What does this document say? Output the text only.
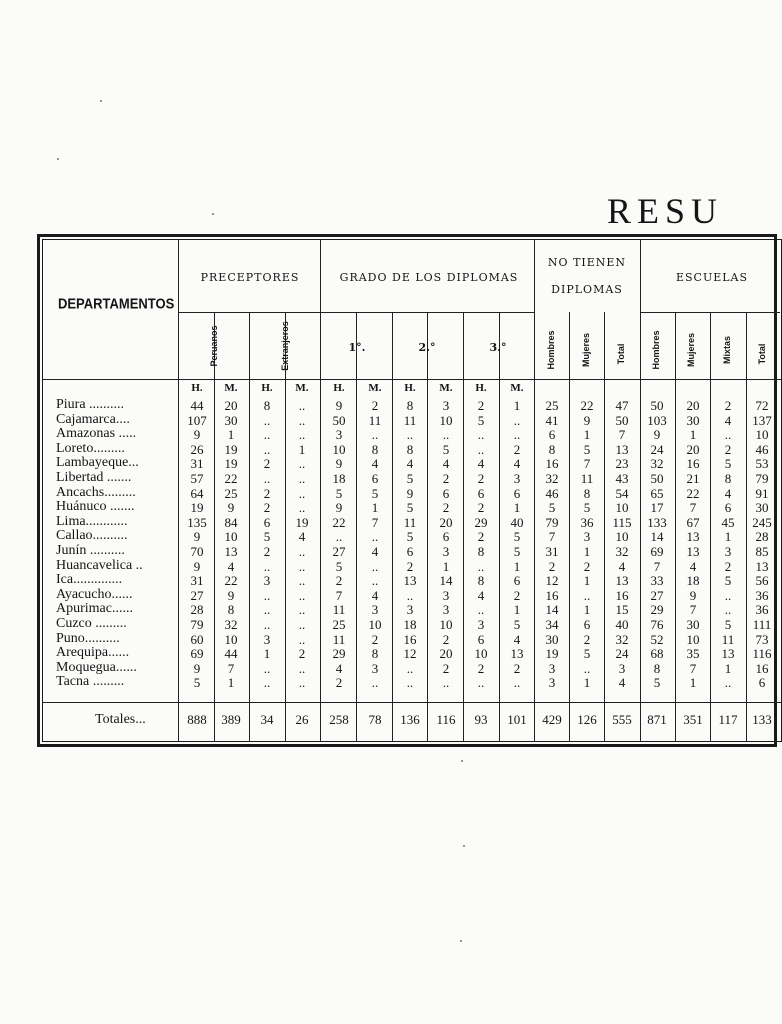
RESU
DEPARTAMENTOS
PRECEPTORES	GRADO DE LOS DIPLOMAS
NO TIENEN
DIPLOMAS
ESCUELAS
Peruanos	Extranjeros	1°.	2.°	3.°	Hombres	Mujeres	Total	Hombres	Mujeres	Mixtas	Total
H. M. H. M. H. M. H. M. H. M.
Piura ..........	44 20 8 .. 9 2 8 3 2 1 25 22 47 50 20 2 72
Cajamarca....	107 30 .. .. 50 11 11 10 5 .. 41 9 50 103 30 4 137
Amazonas .....	9 1 .. .. 3 .. .. .. .. .. 6 1 7 9 1 .. 10
Loreto.........	26 19 .. 1 10 8 8 5 .. 2 8 5 13 24 20 2 46
Lambayeque...	31 19 2 .. 9 4 4 4 4 4 16 7 23 32 16 5 53
Libertad .......	57 22 .. .. 18 6 5 2 2 3 32 11 43 50 21 8 79
Ancachs.........	64 25 2 .. 5 5 9 6 6 6 46 8 54 65 22 4 91
Huánuco .......	19 9 2 .. 9 1 5 2 2 1 5 5 10 17 7 6 30
Lima............	135 84 6 19 22 7 11 20 29 40 79 36 115 133 67 45 245
Callao..........	9 10 5 4 .. .. 5 6 2 5 7 3 10 14 13 1 28
Junín ..........	70 13 2 .. 27 4 6 3 8 5 31 1 32 69 13 3 85
Huancavelica ..	9 4 .. .. 5 .. 2 1 .. 1 2 2 4 7 4 2 13
Ica..............	31 22 3 .. 2 .. 13 14 8 6 12 1 13 33 18 5 56
Ayacucho......	27 9 .. .. 7 4 .. 3 4 2 16 .. 16 27 9 .. 36
Apurimac......	28 8 .. .. 11 3 3 3 .. 1 14 1 15 29 7 .. 36
Cuzco .........	79 32 .. .. 25 10 18 10 3 5 34 6 40 76 30 5 111
Puno..........	60 10 3 .. 11 2 16 2 6 4 30 2 32 52 10 11 73
Arequipa......	69 44 1 2 29 8 12 20 10 13 19 5 24 68 35 13 116
Moquegua......	9 7 .. .. 4 3 .. 2 2 2 3 .. 3 8 7 1 16
Tacna .........	5 1 .. .. 2 .. .. .. .. .. 3 1 4 5 1 .. 6
Totales...	888 389 34 26 258 78 136 116 93 101 429 126 555 871 351 117 133
